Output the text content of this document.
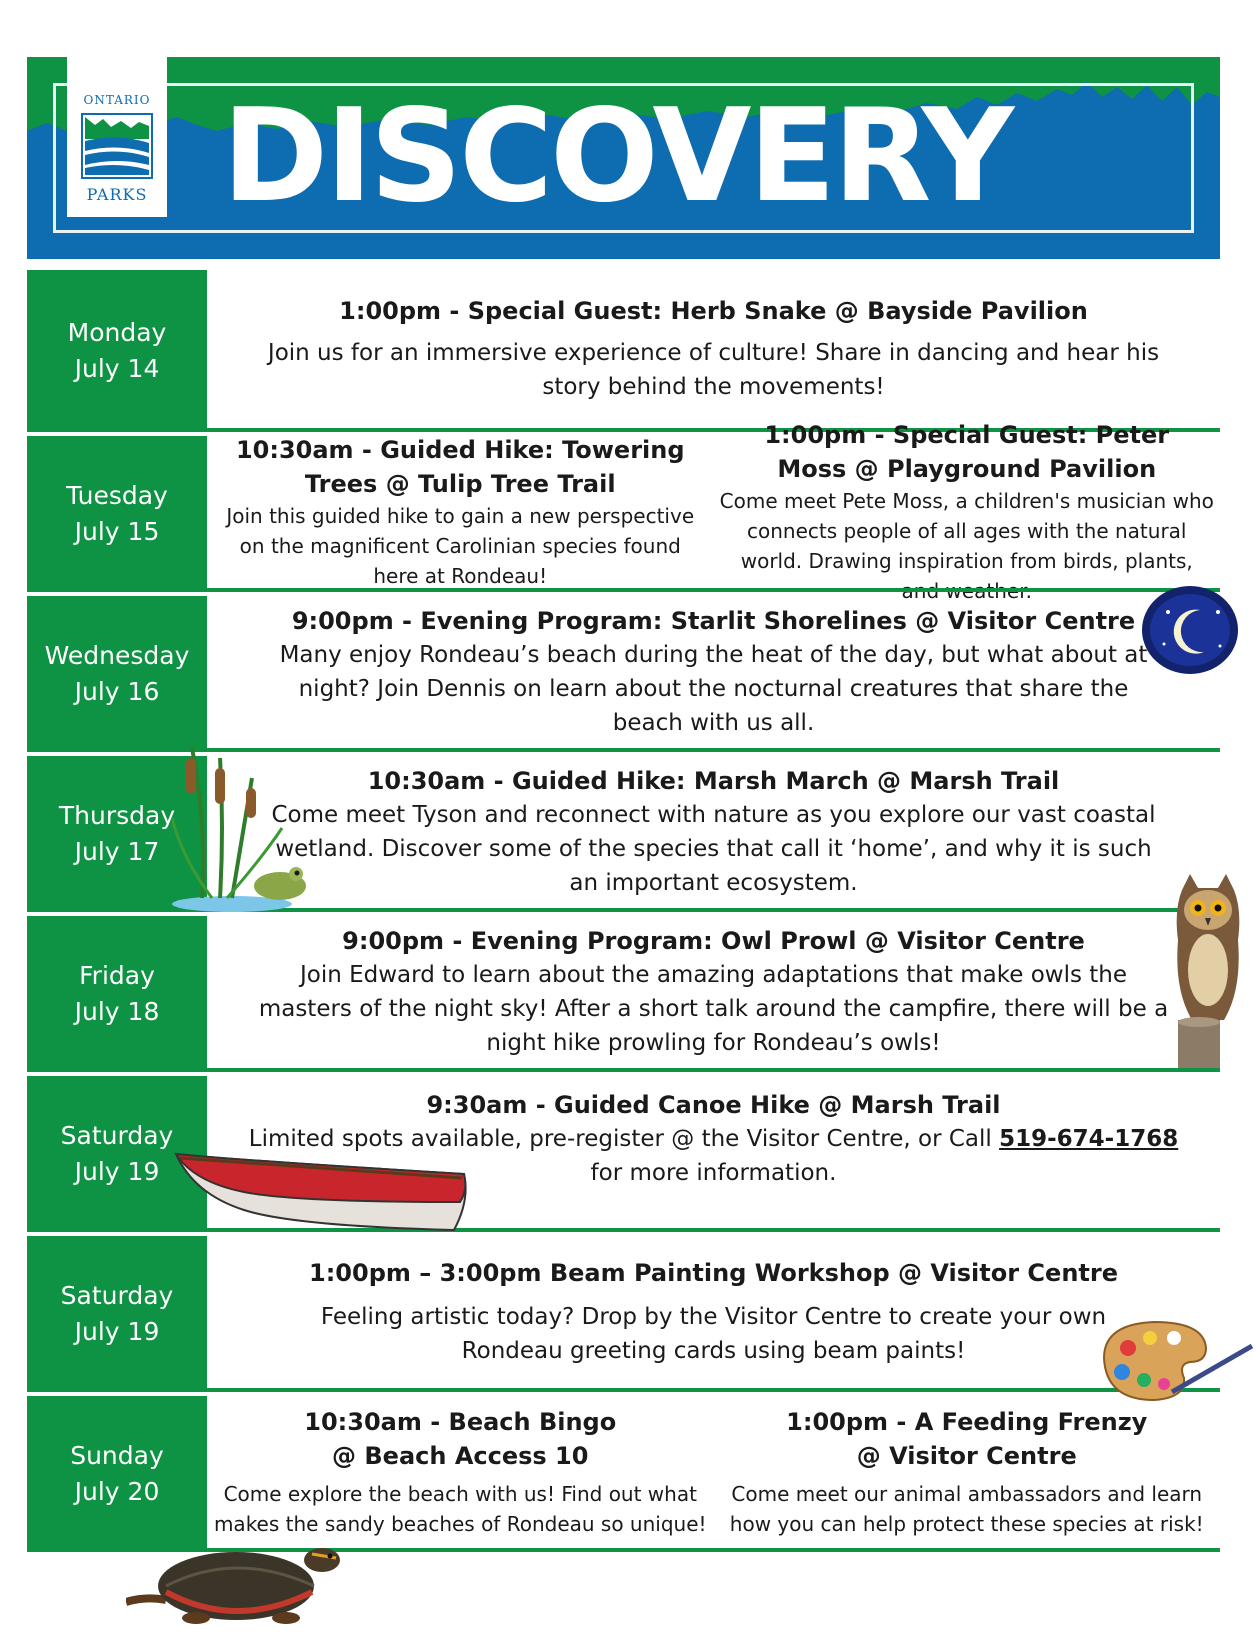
ONTARIO
PARKS DISCOVERY
Monday
July 14
1:00pm - Special Guest: Herb Snake @ Bayside Pavilion
Join us for an immersive experience of culture! Share in dancing and hear his story behind the movements!
Tuesday
July 15
10:30am - Guided Hike: Towering Trees @ Tulip Tree Trail
Join this guided hike to gain a new perspective on the magnificent Carolinian species found here at Rondeau!
1:00pm - Special Guest: Peter Moss @ Playground Pavilion
Come meet Pete Moss, a children's musician who connects people of all ages with the natural world. Drawing inspiration from birds, plants,
Wednesday
July 16
9:00pm - Evening Program: Starlit Shorelines @ Visitor Centre
Many enjoy Rondeau’s beach during the heat of the day, but what about at night? Join Dennis on learn about the nocturnal creatures that share the beach with us all.
Thursday
July 17
10:30am - Guided Hike: Marsh March @ Marsh Trail
Come meet Tyson and reconnect with nature as you explore our vast coastal wetland. Discover some of the species that call it ‘home’, and why it is such an important ecosystem.
Friday
July 18
9:00pm - Evening Program: Owl Prowl @ Visitor Centre
Join Edward to learn about the amazing adaptations that make owls the masters of the night sky! After a short talk around the campfire, there will be a night hike prowling for Rondeau’s owls!
Saturday
July 19
9:30am - Guided Canoe Hike @ Marsh Trail
Limited spots available, pre-register @ the Visitor Centre, or Call 519-674-1768 for more information.
Saturday
July 19
1:00pm – 3:00pm Beam Painting Workshop @ Visitor Centre
Feeling artistic today? Drop by the Visitor Centre to create your own Rondeau greeting cards using beam paints!
Sunday
July 20
10:30am - Beach Bingo @ Beach Access 10
Come explore the beach with us! Find out what makes the sandy beaches of Rondeau so unique!
1:00pm - A Feeding Frenzy @ Visitor Centre
Come meet our animal ambassadors and learn how you can help protect these species at risk!
